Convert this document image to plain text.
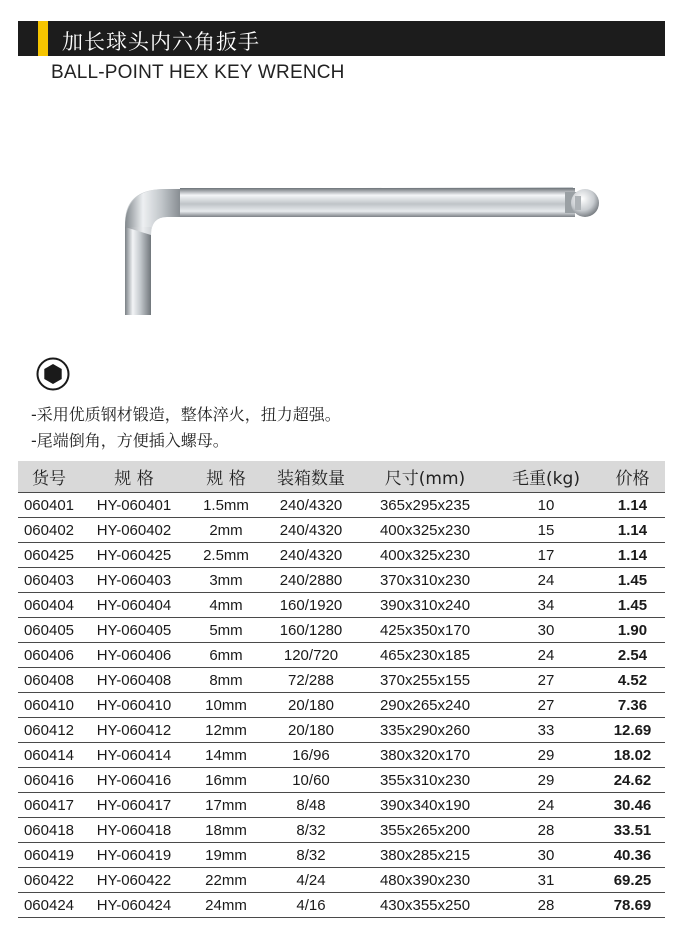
加长球头内六角扳手
BALL-POINT HEX KEY WRENCH
-采用优质钢材锻造，整体淬火，扭力超强。
-尾端倒角，方便插入螺母。
货号	规 格	规 格	装箱数量	尺寸(mm)	毛重(kg)	价格
060401	HY-060401	1.5mm	240/4320	365x295x235	10	1.14
060402	HY-060402	2mm	240/4320	400x325x230	15	1.14
060425	HY-060425	2.5mm	240/4320	400x325x230	17	1.14
060403	HY-060403	3mm	240/2880	370x310x230	24	1.45
060404	HY-060404	4mm	160/1920	390x310x240	34	1.45
060405	HY-060405	5mm	160/1280	425x350x170	30	1.90
060406	HY-060406	6mm	120/720	465x230x185	24	2.54
060408	HY-060408	8mm	72/288	370x255x155	27	4.52
060410	HY-060410	10mm	20/180	290x265x240	27	7.36
060412	HY-060412	12mm	20/180	335x290x260	33	12.69
060414	HY-060414	14mm	16/96	380x320x170	29	18.02
060416	HY-060416	16mm	10/60	355x310x230	29	24.62
060417	HY-060417	17mm	8/48	390x340x190	24	30.46
060418	HY-060418	18mm	8/32	355x265x200	28	33.51
060419	HY-060419	19mm	8/32	380x285x215	30	40.36
060422	HY-060422	22mm	4/24	480x390x230	31	69.25
060424	HY-060424	24mm	4/16	430x355x250	28	78.69
